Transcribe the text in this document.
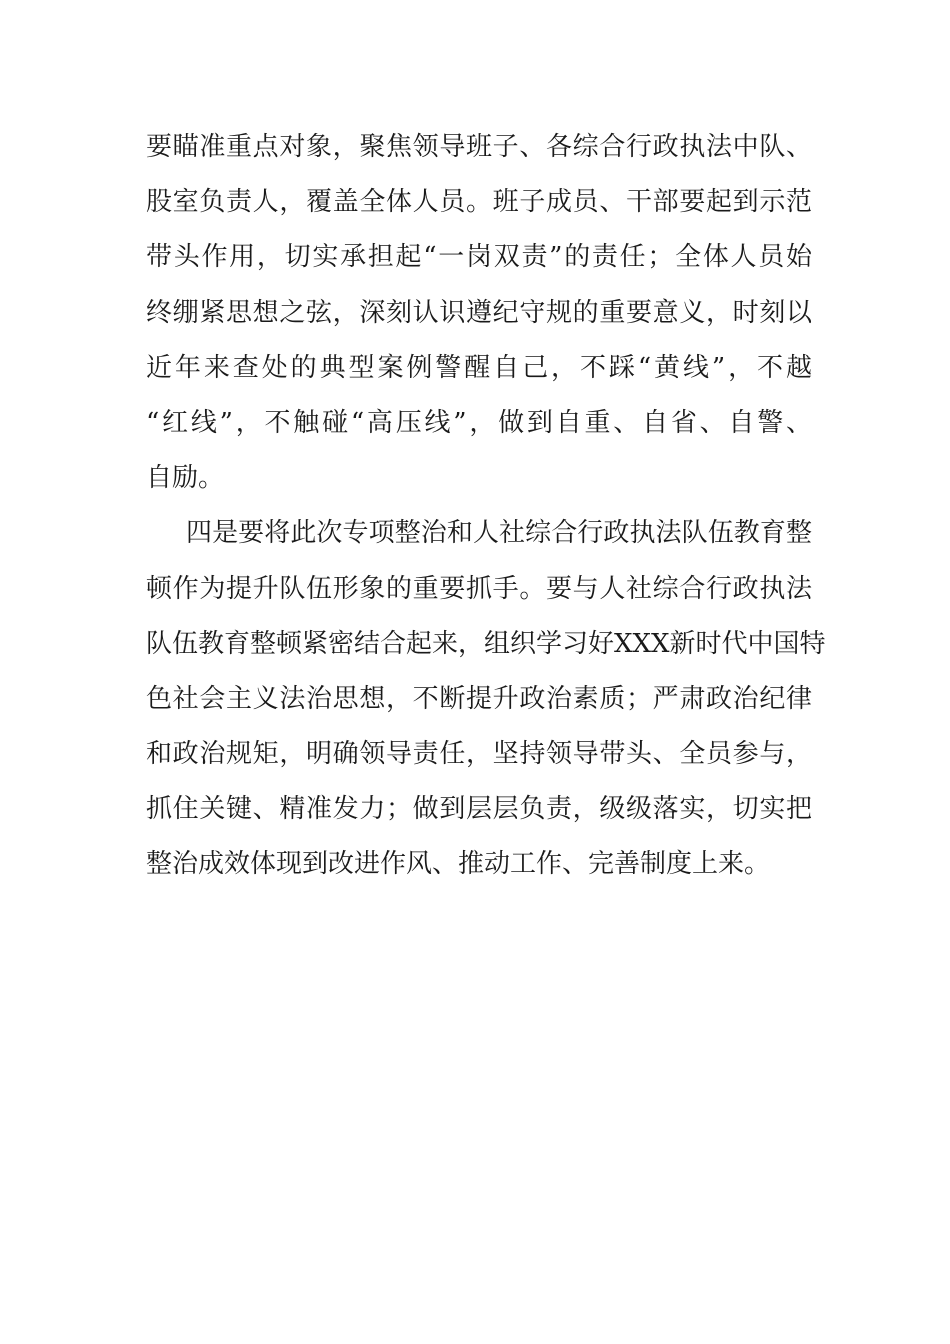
要瞄准重点对象，聚焦领导班子、各综合行政执法中队、
股室负责人，覆盖全体人员。班子成员、干部要起到示范
带头作用，切实承担起“一岗双责”的责任；全体人员始
终绷紧思想之弦，深刻认识遵纪守规的重要意义，时刻以
近年来查处的典型案例警醒自己，不踩“黄线”，不越
“红线”，不触碰“高压线”，做到自重、自省、自警、
自励。
四是要将此次专项整治和人社综合行政执法队伍教育整
顿作为提升队伍形象的重要抓手。要与人社综合行政执法
队伍教育整顿紧密结合起来，组织学习好XXX新时代中国特
色社会主义法治思想，不断提升政治素质；严肃政治纪律
和政治规矩，明确领导责任，坚持领导带头、全员参与，
抓住关键、精准发力；做到层层负责，级级落实，切实把
整治成效体现到改进作风、推动工作、完善制度上来。
